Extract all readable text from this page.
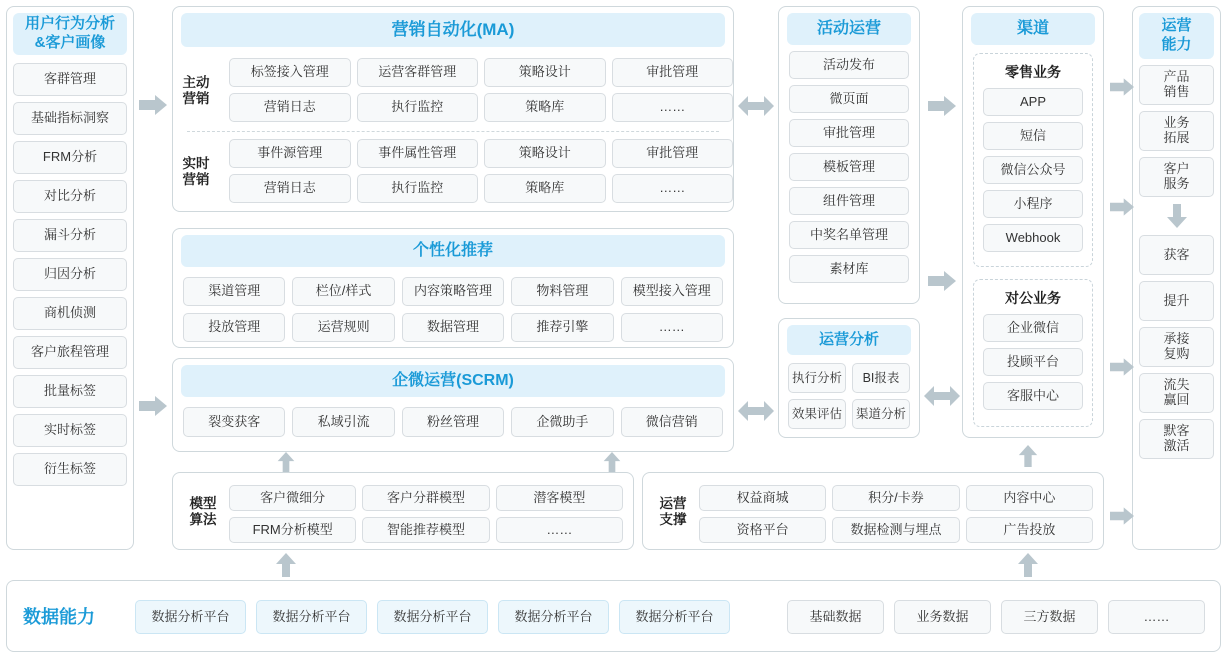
用户行为分析
&客户画像
客群管理
基础指标洞察
FRM分析
对比分析
漏斗分析
归因分析
商机侦测
客户旅程管理
批量标签
实时标签
衍生标签
营销自动化(MA)
主动
营销
标签接入管理	运营客群管理	策略设计	审批管理
营销日志	执行监控	策略库	……
实时
营销
事件源管理	事件属性管理	策略设计	审批管理
营销日志	执行监控	策略库	……
个性化推荐
渠道管理	栏位/样式	内容策略管理	物料管理	模型接入管理
投放管理	运营规则	数据管理	推荐引擎	……
企微运营(SCRM)
裂变获客	私域引流	粉丝管理	企微助手	微信营销
模型
算法
客户微细分	客户分群模型	潜客模型
FRM分析模型	智能推荐模型	……
运营
支撑
权益商城	积分/卡券	内容中心
资格平台	数据检测与埋点	广告投放
活动运营
活动发布
微页面
审批管理
模板管理
组件管理
中奖名单管理
素材库
运营分析
执行分析	BI报表
效果评估	渠道分析
渠道
零售业务
APP
短信
微信公众号
小程序
Webhook
对公业务
企业微信
投顾平台
客服中心
运营
能力
产品
销售
业务
拓展
客户
服务
获客
提升
承接
复购
流失
赢回
默客
激活
数据能力	数据分析平台	数据分析平台	数据分析平台	数据分析平台	数据分析平台	基础数据	业务数据	三方数据	……
